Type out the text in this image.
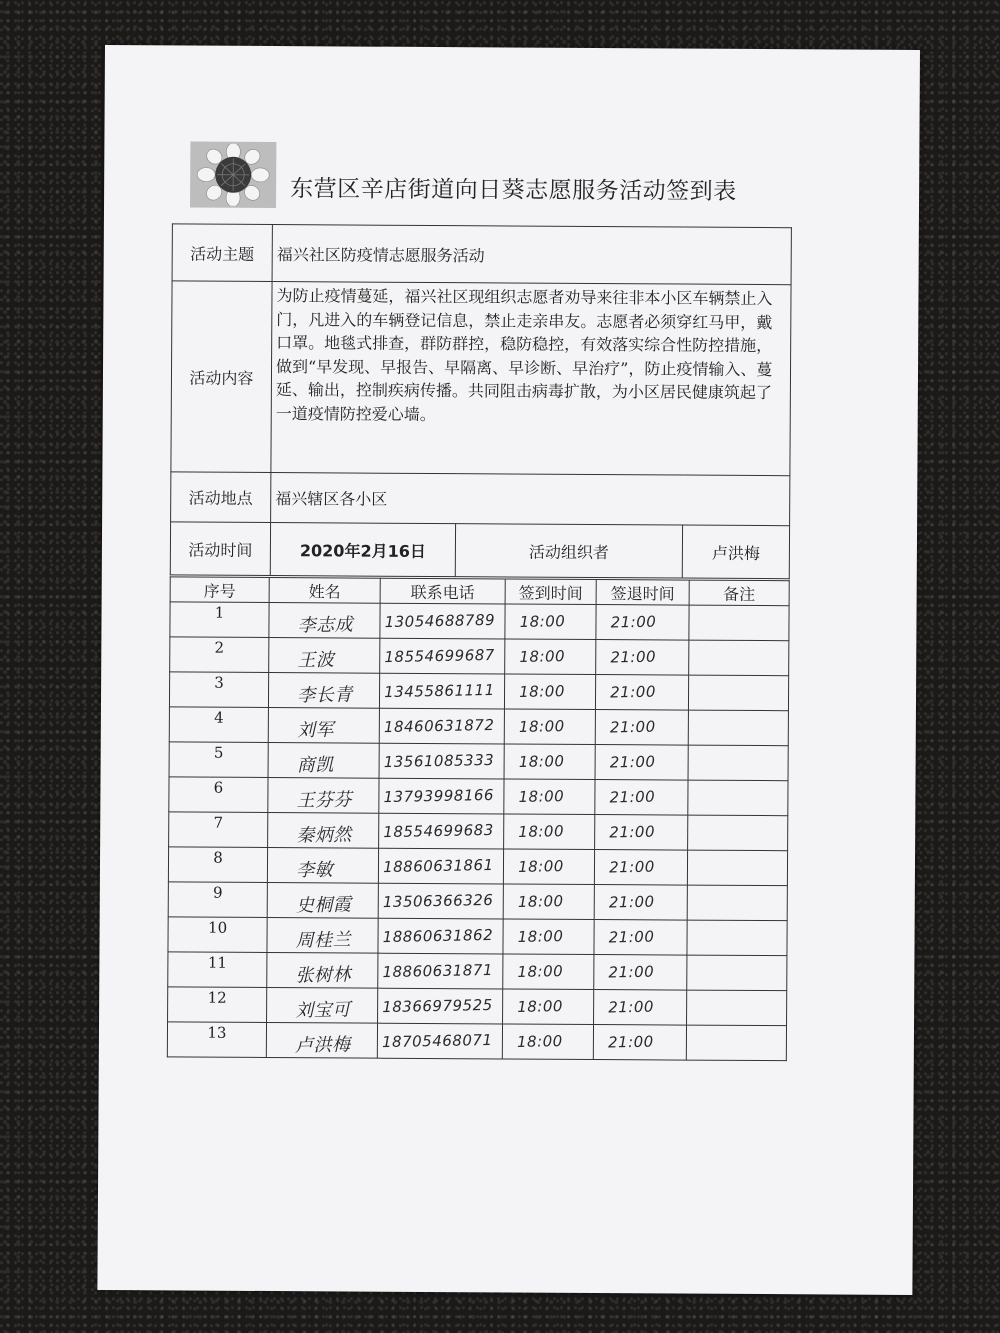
东营区辛店街道向日葵志愿服务活动签到表
活动主题	福兴社区防疫情志愿服务活动		
活动内容	为防止疫情蔓延，福兴社区现组织志愿者劝导来往非本小区车辆禁止入门，凡进入的车辆登记信息，禁止走亲串友。志愿者必须穿红马甲，戴口罩。地毯式排查，群防群控，稳防稳控，有效落实综合性防控措施，做到“早发现、早报告、早隔离、早诊断、早治疗”，防止疫情输入、蔓延、输出，控制疾病传播。共同阻击病毒扩散，为小区居民健康筑起了一道疫情防控爱心墙。		
活动地点	福兴辖区各小区		
活动时间	2020年2月16日	活动组织者	卢洪梅
序号	姓名	联系电话	签到时间	签退时间	备注
1	李志成	13054688789	18:00	21:00	
2	王波	18554699687	18:00	21:00	
3	李长青	13455861111	18:00	21:00	
4	刘军	18460631872	18:00	21:00	
5	商凯	13561085333	18:00	21:00	
6	王芬芬	13793998166	18:00	21:00	
7	秦炳然	18554699683	18:00	21:00	
8	李敏	18860631861	18:00	21:00	
9	史桐霞	13506366326	18:00	21:00	
10	周桂兰	18860631862	18:00	21:00	
11	张树林	18860631871	18:00	21:00	
12	刘宝可	18366979525	18:00	21:00	
13	卢洪梅	18705468071	18:00	21:00	
